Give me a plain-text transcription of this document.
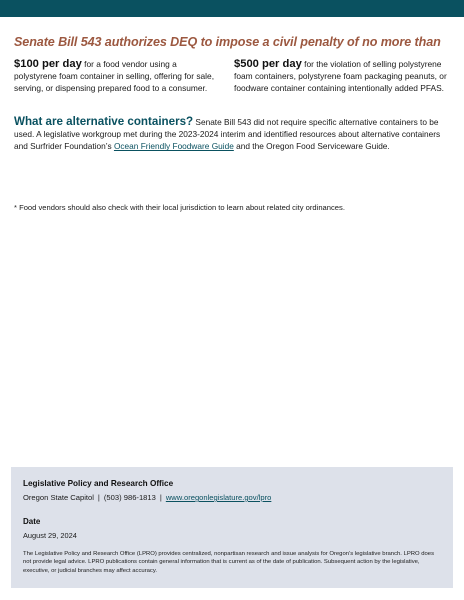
Senate Bill 543 authorizes DEQ to impose a civil penalty of no more than
$100 per day for a food vendor using a polystyrene foam container in selling, offering for sale, serving, or dispensing prepared food to a consumer.
$500 per day for the violation of selling polystyrene foam containers, polystyrene foam packaging peanuts, or foodware container containing intentionally added PFAS.
What are alternative containers? Senate Bill 543 did not require specific alternative containers to be used. A legislative workgroup met during the 2023-2024 interim and identified resources about alternative containers and Surfrider Foundation’s Ocean Friendly Foodware Guide and the Oregon Food Serviceware Guide.

* Food vendors should also check with their local jurisdiction to learn about related city ordinances.

Legislative Policy and Research Office
Oregon State Capitol | (503) 986-1813 | www.oregonlegislature.gov/lpro
Date
August 29, 2024

The Legislative Policy and Research Office (LPRO) provides centralized, nonpartisan research and issue analysis for Oregon’s legislative branch. LPRO does not provide legal advice. LPRO publications contain general information that is current as of the date of publication. Subsequent action by the legislative, executive, or judicial branches may affect accuracy.
